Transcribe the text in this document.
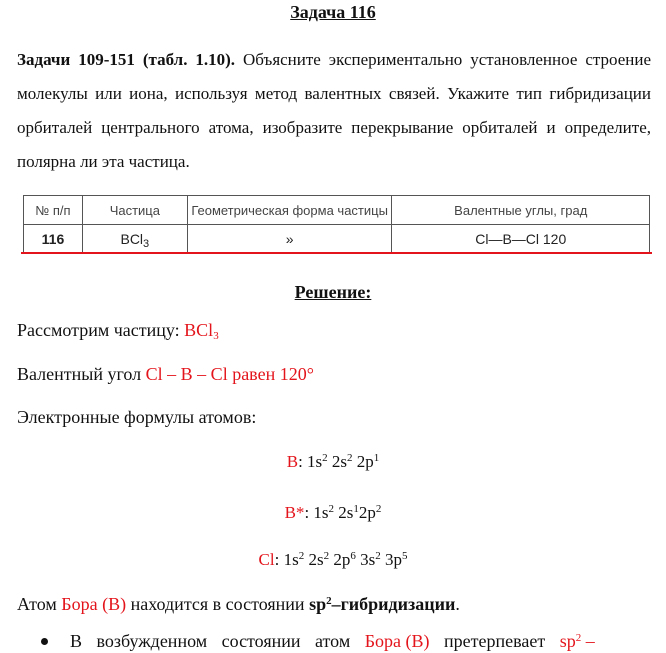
Задача 116
Задачи 109-151 (табл. 1.10). Объясните экспериментально установленное строение молекулы или иона, используя метод валентных связей. Укажите тип гибридизации орбиталей центрального атома, изобразите перекрывание орбиталей и определите, полярна ли эта частица.
№ п/п	Частица	Геометрическая форма частицы	Валентные углы, град
116	BCl$_3$	»	Cl—B—Cl 120
Решение:
Рассмотрим частицу: BCl$_3$
Валентный угол Cl – B – Cl равен 120°
Электронные формулы атомов:
B: $1s^2$ $2s^2$ $2p^1$
B*: $1s^2$ $2s^12p^2$
Cl: $1s^2$ $2s^2$ $2p^6$ $3s^2$ $3p^5$
Атом Бора (B) находится в состоянии $sp^2$–гибридизации.
В возбужденном состоянии атом Бора (B) претерпевает $sp^2$ –
